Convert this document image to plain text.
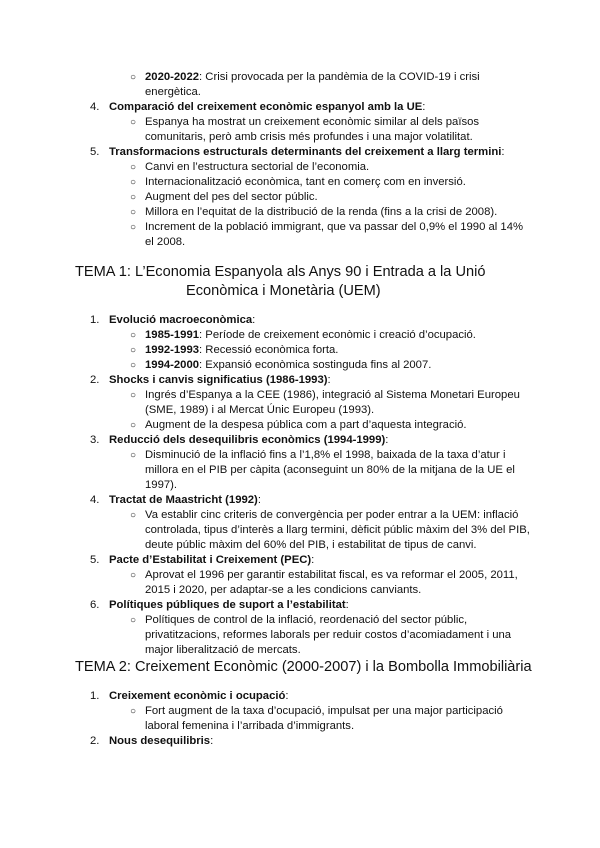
○ 2020-2022: Crisi provocada per la pandèmia de la COVID-19 i crisi
energètica.
4. Comparació del creixement econòmic espanyol amb la UE:
○ Espanya ha mostrat un creixement econòmic similar al dels països
comunitaris, però amb crisis més profundes i una major volatilitat.
5. Transformacions estructurals determinants del creixement a llarg termini:
○ Canvi en l’estructura sectorial de l’economia.
○ Internacionalització econòmica, tant en comerç com en inversió.
○ Augment del pes del sector públic.
○ Millora en l’equitat de la distribució de la renda (fins a la crisi de 2008).
○ Increment de la població immigrant, que va passar del 0,9% el 1990 al 14%
el 2008.
TEMA 1: L’Economia Espanyola als Anys 90 i Entrada a la Unió
Econòmica i Monetària (UEM)
1. Evolució macroeconòmica:
○ 1985-1991: Període de creixement econòmic i creació d’ocupació.
○ 1992-1993: Recessió econòmica forta.
○ 1994-2000: Expansió econòmica sostinguda fins al 2007.
2. Shocks i canvis significatius (1986-1993):
○ Ingrés d’Espanya a la CEE (1986), integració al Sistema Monetari Europeu
(SME, 1989) i al Mercat Únic Europeu (1993).
○ Augment de la despesa pública com a part d’aquesta integració.
3. Reducció dels desequilibris econòmics (1994-1999):
○ Disminució de la inflació fins a l’1,8% el 1998, baixada de la taxa d’atur i
millora en el PIB per càpita (aconseguint un 80% de la mitjana de la UE el
1997).
4. Tractat de Maastricht (1992):
○ Va establir cinc criteris de convergència per poder entrar a la UEM: inflació
controlada, tipus d’interès a llarg termini, dèficit públic màxim del 3% del PIB,
deute públic màxim del 60% del PIB, i estabilitat de tipus de canvi.
5. Pacte d’Estabilitat i Creixement (PEC):
○ Aprovat el 1996 per garantir estabilitat fiscal, es va reformar el 2005, 2011,
2015 i 2020, per adaptar-se a les condicions canviants.
6. Polítiques públiques de suport a l’estabilitat:
○ Polítiques de control de la inflació, reordenació del sector públic,
privatitzacions, reformes laborals per reduir costos d’acomiadament i una
major liberalització de mercats.
TEMA 2: Creixement Econòmic (2000-2007) i la Bombolla Immobiliària
1. Creixement econòmic i ocupació:
○ Fort augment de la taxa d’ocupació, impulsat per una major participació
laboral femenina i l’arribada d’immigrants.
2. Nous desequilibris:
